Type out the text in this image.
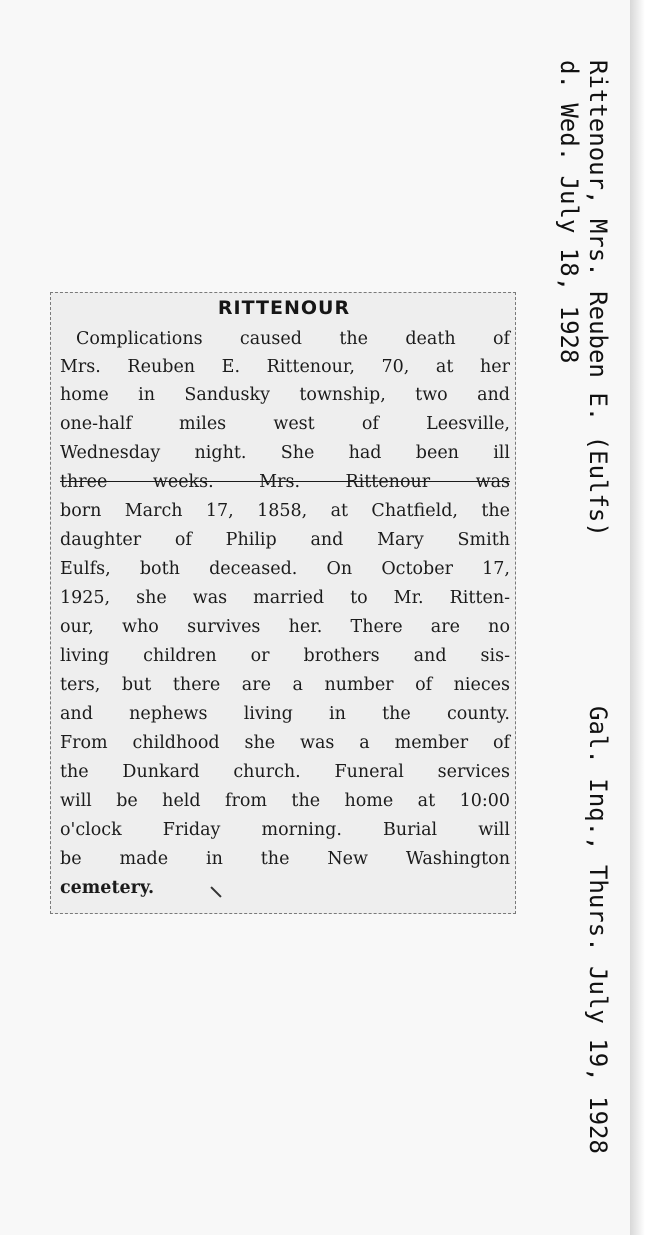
RITTENOUR
Complications caused the death of
Mrs. Reuben E. Rittenour, 70, at her
home in Sandusky township, two and
one-half miles west of Leesville,
Wednesday night. She had been ill
three weeks. Mrs. Rittenour was
born March 17, 1858, at Chatfield, the
daughter of Philip and Mary Smith
Eulfs, both deceased. On October 17,
1925, she was married to Mr. Ritten-
our, who survives her. There are no
living children or brothers and sis-
ters, but there are a number of nieces
and nephews living in the county.
From childhood she was a member of
the Dunkard church. Funeral services
will be held from the home at 10:00
o'clock Friday morning. Burial will
be made in the New Washington
cemetery.
Rittenour, Mrs. Reuben E. (Eulfs)
d. Wed. July 18, 1928
Gal. Inq., Thurs. July 19, 1928
